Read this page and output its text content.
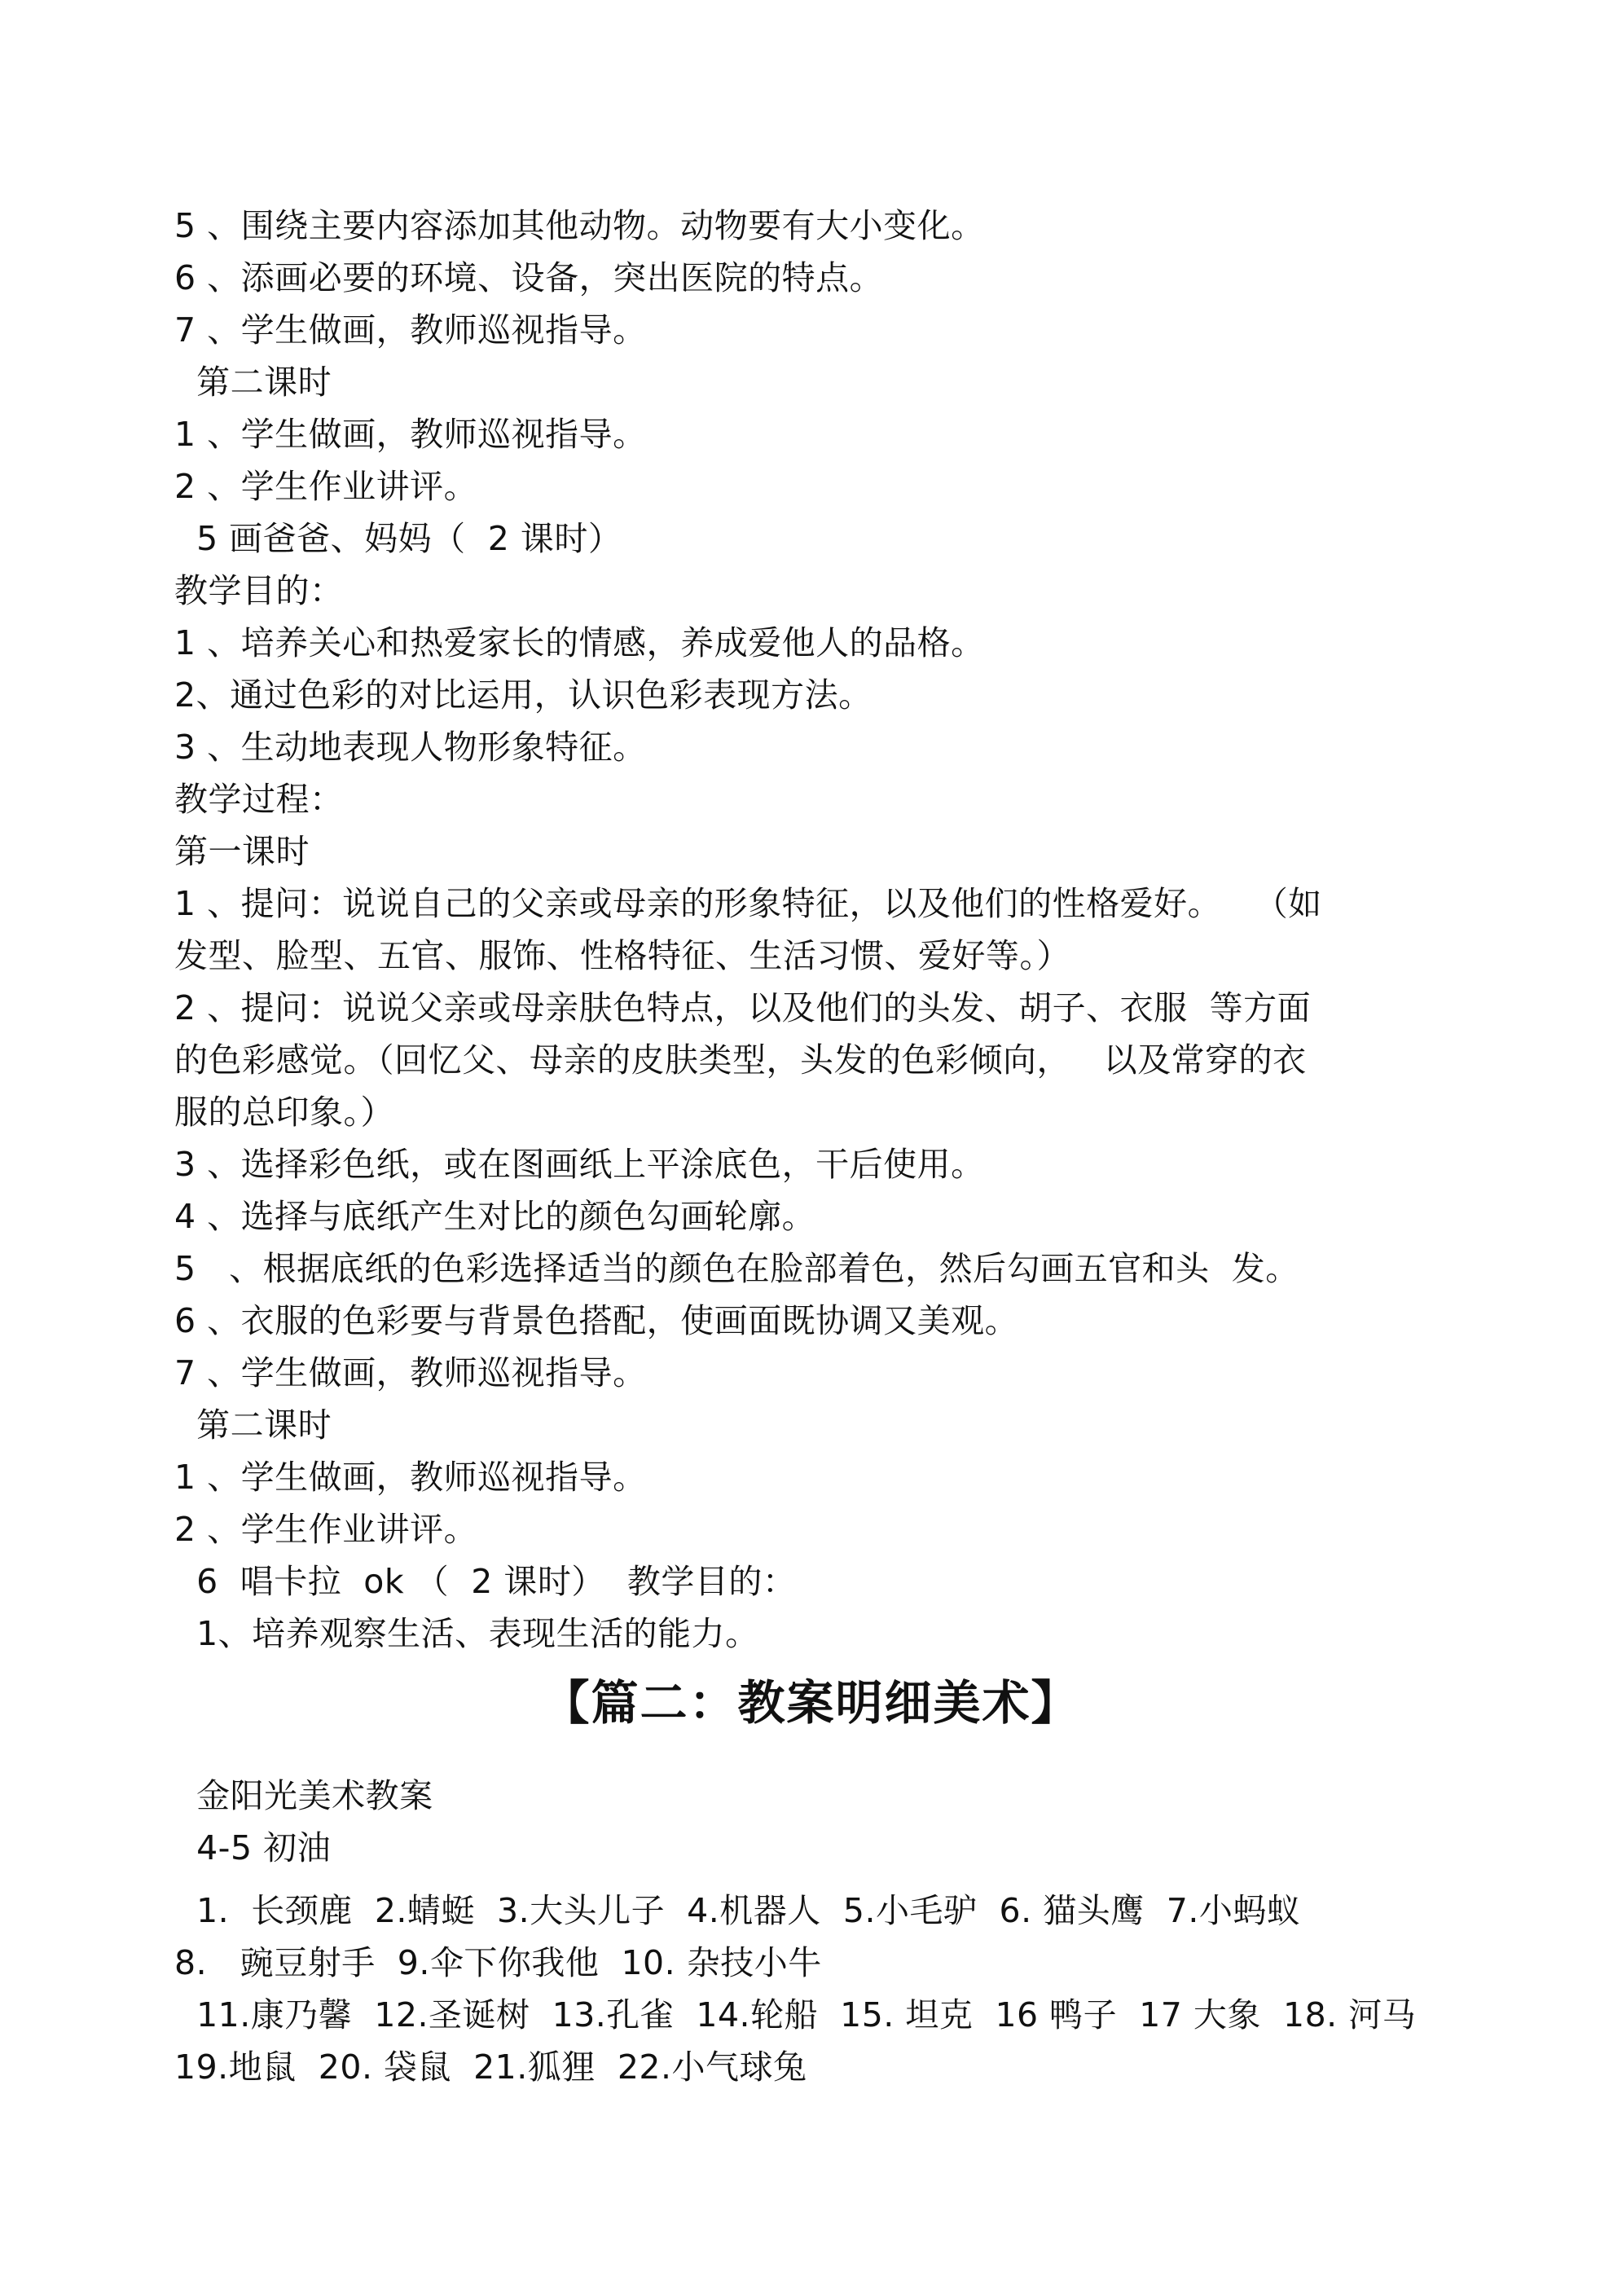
5 、围绕主要内容添加其他动物。动物要有大小变化。
6 、添画必要的环境、设备，突出医院的特点。
7 、学生做画，教师巡视指导。
第二课时
1 、学生做画，教师巡视指导。
2 、学生作业讲评。
5 画爸爸、妈妈（  2 课时）
教学目的：
1 、培养关心和热爱家长的情感，养成爱他人的品格。
2、通过色彩的对比运用，认识色彩表现方法。
3 、生动地表现人物形象特征。
教学过程：
第一课时
1 、提问：说说自己的父亲或母亲的形象特征，以及他们的性格爱好。   （如
发型、脸型、五官、服饰、性格特征、生活习惯、爱好等。）
2 、提问：说说父亲或母亲肤色特点，以及他们的头发、胡子、衣服  等方面
的色彩感觉。（回忆父、母亲的皮肤类型，头发的色彩倾向，   以及常穿的衣
服的总印象。）
3 、选择彩色纸，或在图画纸上平涂底色，干后使用。
4 、选择与底纸产生对比的颜色勾画轮廓。
5   、根据底纸的色彩选择适当的颜色在脸部着色，然后勾画五官和头  发。
6 、衣服的色彩要与背景色搭配，使画面既协调又美观。
7 、学生做画，教师巡视指导。
第二课时
1 、学生做画，教师巡视指导。
2 、学生作业讲评。
6  唱卡拉  ok （  2 课时）  教学目的：
1、培养观察生活、表现生活的能力。
【篇二：教案明细美术】
金阳光美术教案
4-5 初油
1.  长颈鹿  2.蜻蜓  3.大头儿子  4.机器人  5.小毛驴  6. 猫头鹰  7.小蚂蚁
8.   豌豆射手  9.伞下你我他  10. 杂技小牛
11.康乃馨  12.圣诞树  13.孔雀  14.轮船  15. 坦克  16 鸭子  17 大象  18. 河马
19.地鼠  20. 袋鼠  21.狐狸  22.小气球兔
